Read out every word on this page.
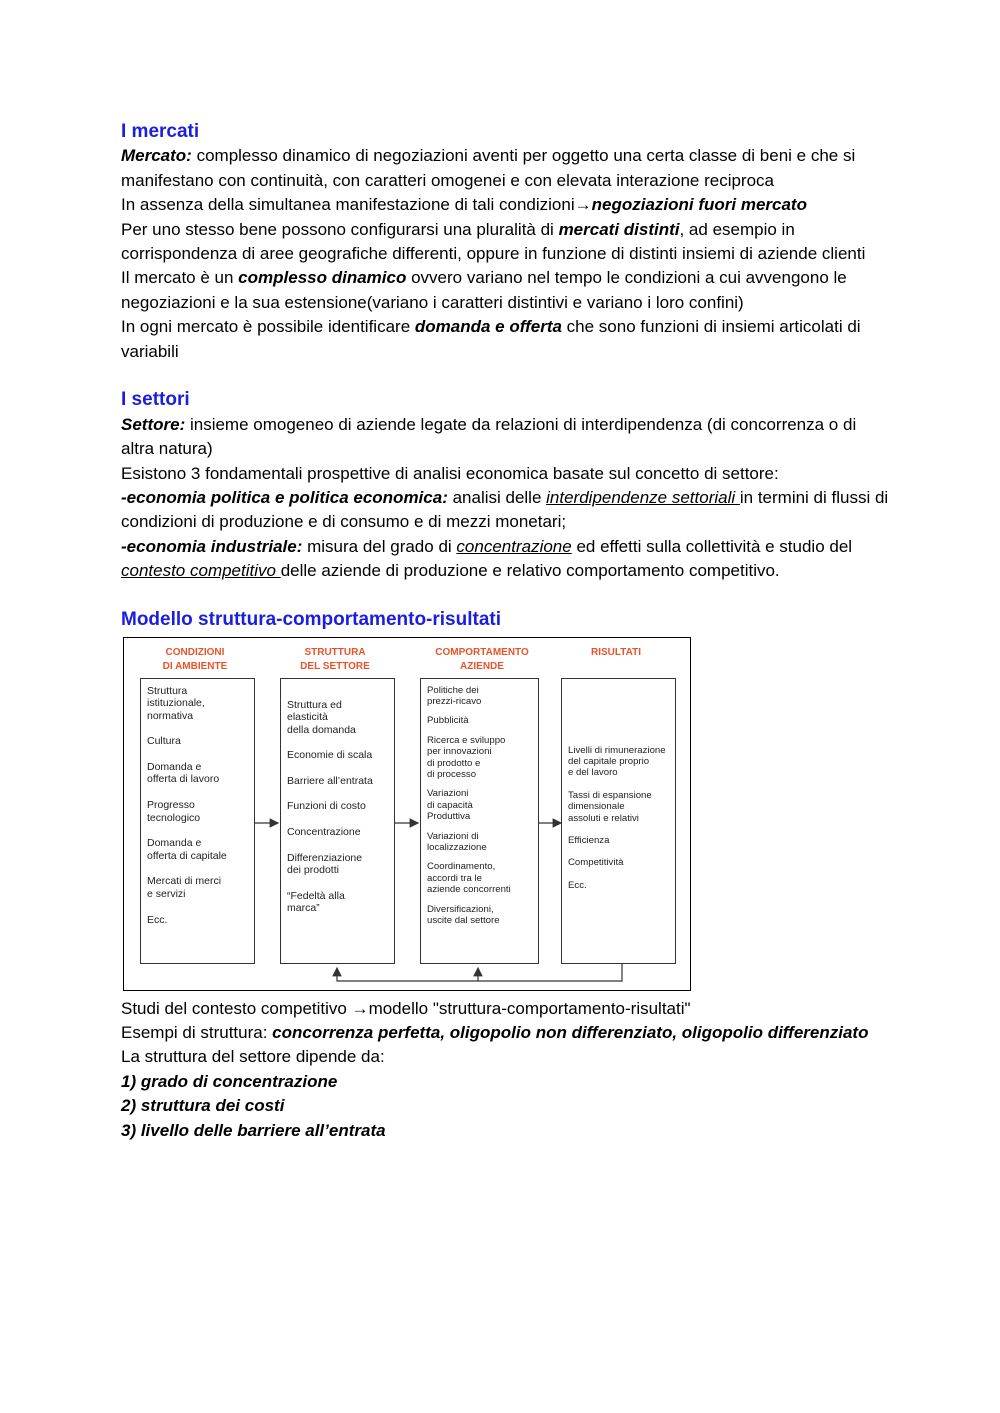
I mercati

Mercato: complesso dinamico di negoziazioni aventi per oggetto una certa classe di beni e che si manifestano con continuità, con caratteri omogenei e con elevata interazione reciproca

In assenza della simultanea manifestazione di tali condizioni→negoziazioni fuori mercato

Per uno stesso bene possono configurarsi una pluralità di mercati distinti, ad esempio in corrispondenza di aree geografiche differenti, oppure in funzione di distinti insiemi di aziende clienti

Il mercato è un complesso dinamico ovvero variano nel tempo le condizioni a cui avvengono le negoziazioni e la sua estensione(variano i caratteri distintivi e variano i loro confini)

In ogni mercato è possibile identificare domanda e offerta che sono funzioni di insiemi articolati di variabili

I settori

Settore: insieme omogeneo di aziende legate da relazioni di interdipendenza (di concorrenza o di altra natura)

Esistono 3 fondamentali prospettive di analisi economica basate sul concetto di settore:

-economia politica e politica economica: analisi delle interdipendenze settoriali in termini di flussi di condizioni di produzione e di consumo e di mezzi monetari;

-economia industriale: misura del grado di concentrazione ed effetti sulla collettività e studio del contesto competitivo delle aziende di produzione e relativo comportamento competitivo.

Modello struttura-comportamento-risultati
CONDIZIONI
DI AMBIENTE
STRUTTURA
DEL SETTORE
COMPORTAMENTO
AZIENDE
RISULTATI
Struttura
istituzionale,
normativa
Cultura
Domanda e
offerta di lavoro
Progresso
tecnologico
Domanda e
offerta di capitale
Mercati di merci
e servizi
Ecc.
Struttura ed
elasticità
della domanda
Economie di scala
Barriere all’entrata
Funzioni di costo
Concentrazione
Differenziazione
dei prodotti
“Fedeltà alla
marca”
Politiche dei
prezzi-ricavo
Pubblicità
Ricerca e sviluppo
per innovazioni
di prodotto e
di processo
Variazioni
di capacità
Produttiva
Variazioni di
localizzazione
Coordinamento,
accordi tra le
aziende concorrenti
Diversificazioni,
uscite dal settore
Livelli di rimunerazione
del capitale proprio
e del lavoro
Tassi di espansione
dimensionale
assoluti e relativi
Efficienza
Competitività
Ecc.

Studi del contesto competitivo →modello "struttura-comportamento-risultati"

Esempi di struttura: concorrenza perfetta, oligopolio non differenziato, oligopolio differenziato

La struttura del settore dipende da:

1) grado di concentrazione

2) struttura dei costi

3) livello delle barriere all’entrata
